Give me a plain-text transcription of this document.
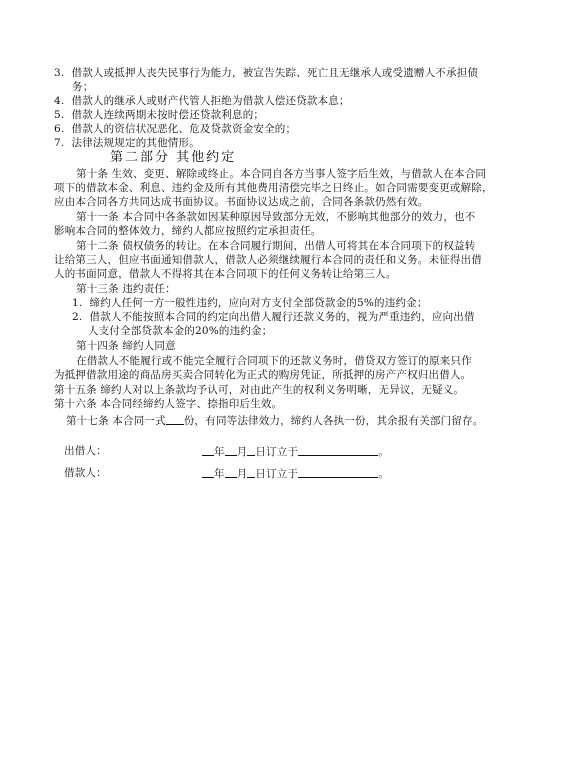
3. 借款人或抵押人丧失民事行为能力，被宣告失踪、死亡且无继承人或受遗赠人不承担债
务；
4. 借款人的继承人或财产代管人拒绝为借款人偿还贷款本息；
5. 借款人连续两期未按时偿还贷款利息的；
6. 借款人的资信状况恶化、危及贷款资金安全的；
7. 法律法规规定的其他情形。
第二部分 其他约定
第十条 生效、变更、解除或终止。本合同自各方当事人签字后生效，与借款人在本合同
项下的借款本金、利息、违约金及所有其他费用清偿完毕之日终止。如合同需要变更或解除，
应由本合同各方共同达成书面协议。书面协议达成之前，合同各条款仍然有效。
第十一条 本合同中各条款如因某种原因导致部分无效，不影响其他部分的效力，也不
影响本合同的整体效力，缔约人都应按照约定承担责任。
第十二条 债权债务的转让。在本合同履行期间，出借人可将其在本合同项下的权益转
让给第三人，但应书面通知借款人，借款人必须继续履行本合同的责任和义务。未征得出借
人的书面同意，借款人不得将其在本合同项下的任何义务转让给第三人。
第十三条 违约责任：
1. 缔约人任何一方一般性违约，应向对方支付全部贷款金的5%的违约金；
2. 借款人不能按照本合同的约定向出借人履行还款义务的，视为严重违约，应向出借
人支付全部贷款本金的20%的违约金；
第十四条 缔约人同意
在借款人不能履行或不能完全履行合同项下的还款义务时，借贷双方签订的原来只作
为抵押借款用途的商品房买卖合同转化为正式的购房凭证，所抵押的房产产权归出借人。
第十五条 缔约人对以上条款均予认可，对由此产生的权利义务明晰，无异议，无疑义。
第十六条 本合同经缔约人签字、捺指印后生效。
第十七条 本合同一式 份，有同等法律效力，缔约人各执一份，其余报有关部门留存。
出借人：	年 月 日订立于	。
借款人：	年 月 日订立于	。
